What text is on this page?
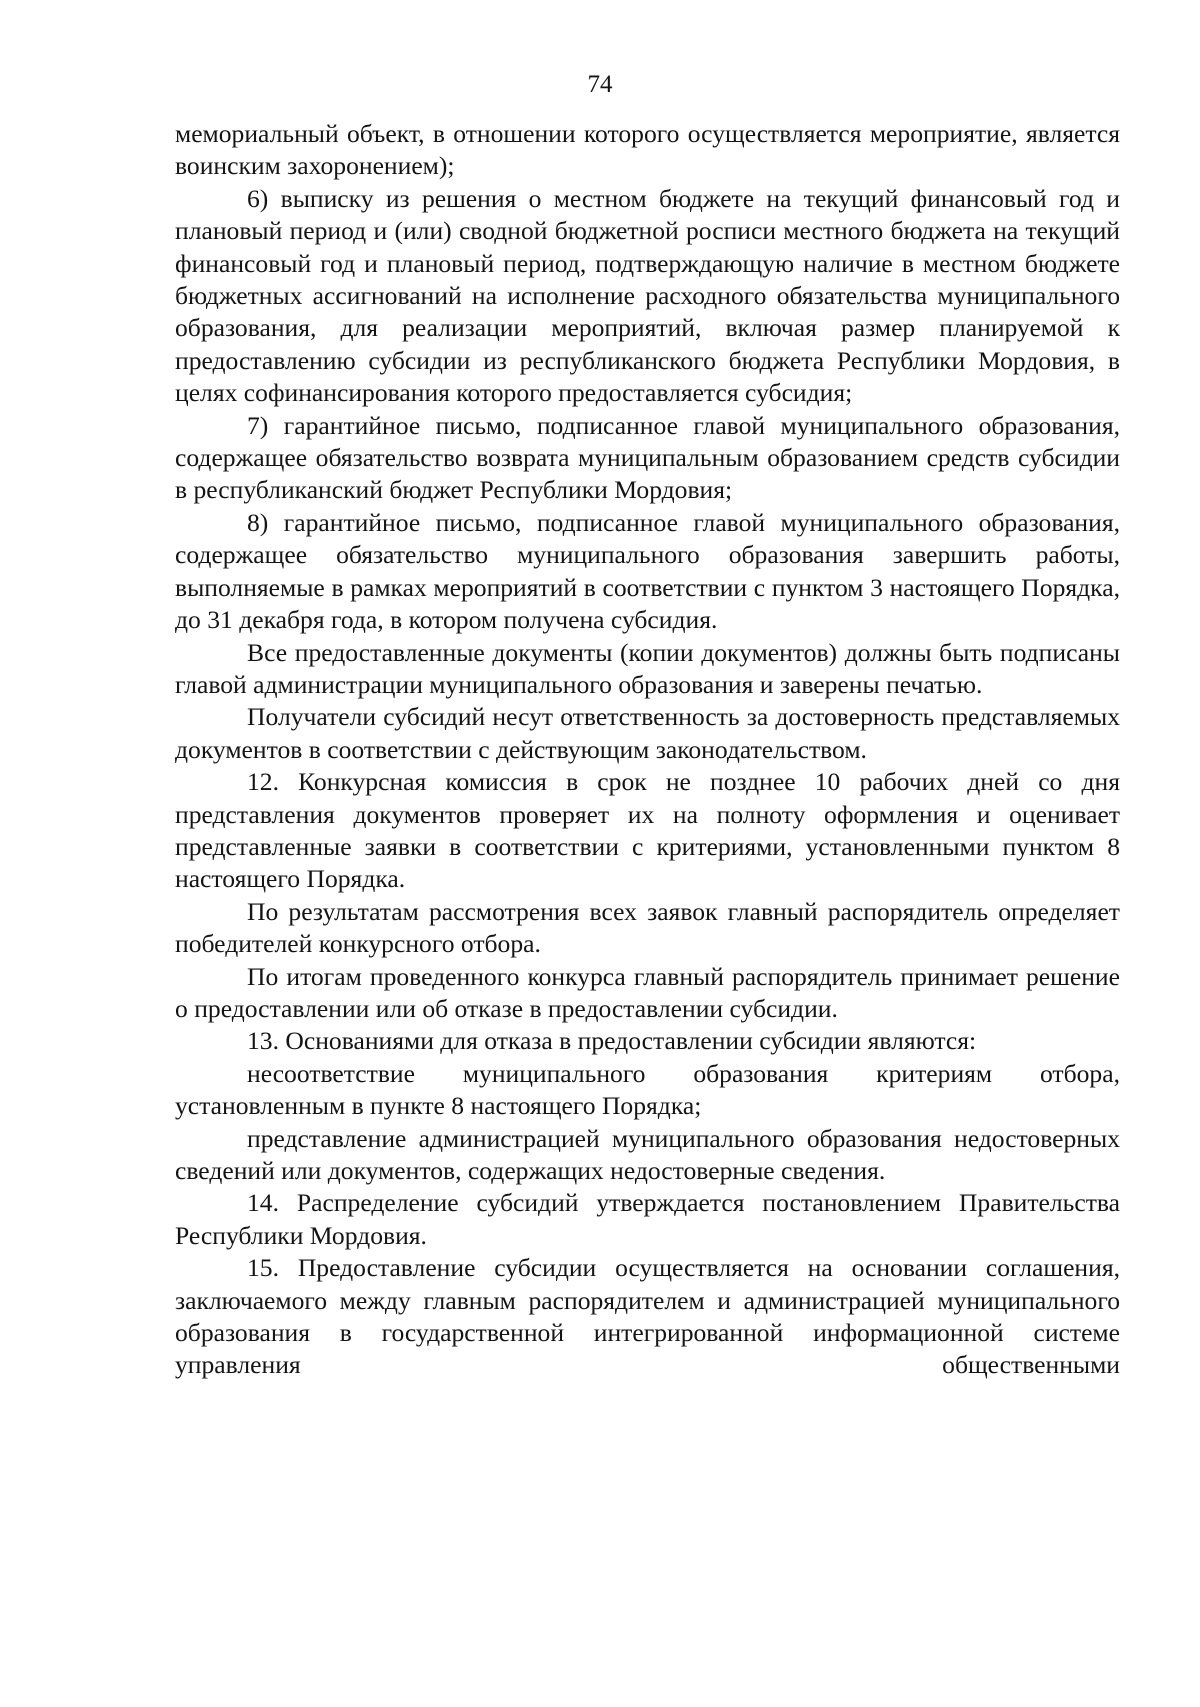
74

мемориальный объект, в отношении которого осуществляется мероприятие, является воинским захоронением);

6) выписку из решения о местном бюджете на текущий финансовый год и плановый период и (или) сводной бюджетной росписи местного бюджета на текущий финансовый год и плановый период, подтверждающую наличие в местном бюджете бюджетных ассигнований на исполнение расходного обязательства муниципального образования, для реализации мероприятий, включая размер планируемой к предоставлению субсидии из республиканского бюджета Республики Мордовия, в целях софинансирования которого предоставляется субсидия;

7) гарантийное письмо, подписанное главой муниципального образования, содержащее обязательство возврата муниципальным образованием средств субсидии в республиканский бюджет Республики Мордовия;

8) гарантийное письмо, подписанное главой муниципального образования, содержащее обязательство муниципального образования завершить работы, выполняемые в рамках мероприятий в соответствии с пунктом 3 настоящего Порядка, до 31 декабря года, в котором получена субсидия.

Все предоставленные документы (копии документов) должны быть подписаны главой администрации муниципального образования и заверены печатью.

Получатели субсидий несут ответственность за достоверность представляемых документов в соответствии с действующим законодательством.

12. Конкурсная комиссия в срок не позднее 10 рабочих дней со дня представления документов проверяет их на полноту оформления и оценивает представленные заявки в соответствии с критериями, установленными пунктом 8 настоящего Порядка.

По результатам рассмотрения всех заявок главный распорядитель определяет победителей конкурсного отбора.

По итогам проведенного конкурса главный распорядитель принимает решение о предоставлении или об отказе в предоставлении субсидии.

13. Основаниями для отказа в предоставлении субсидии являются:

несоответствие муниципального образования критериям отбора, установленным в пункте 8 настоящего Порядка;

представление администрацией муниципального образования недостоверных сведений или документов, содержащих недостоверные сведения.

14. Распределение субсидий утверждается постановлением Правительства Республики Мордовия.

15. Предоставление субсидии осуществляется на основании соглашения, заключаемого между главным распорядителем и администрацией муниципального образования в государственной интегрированной информационной системе управления общественными
